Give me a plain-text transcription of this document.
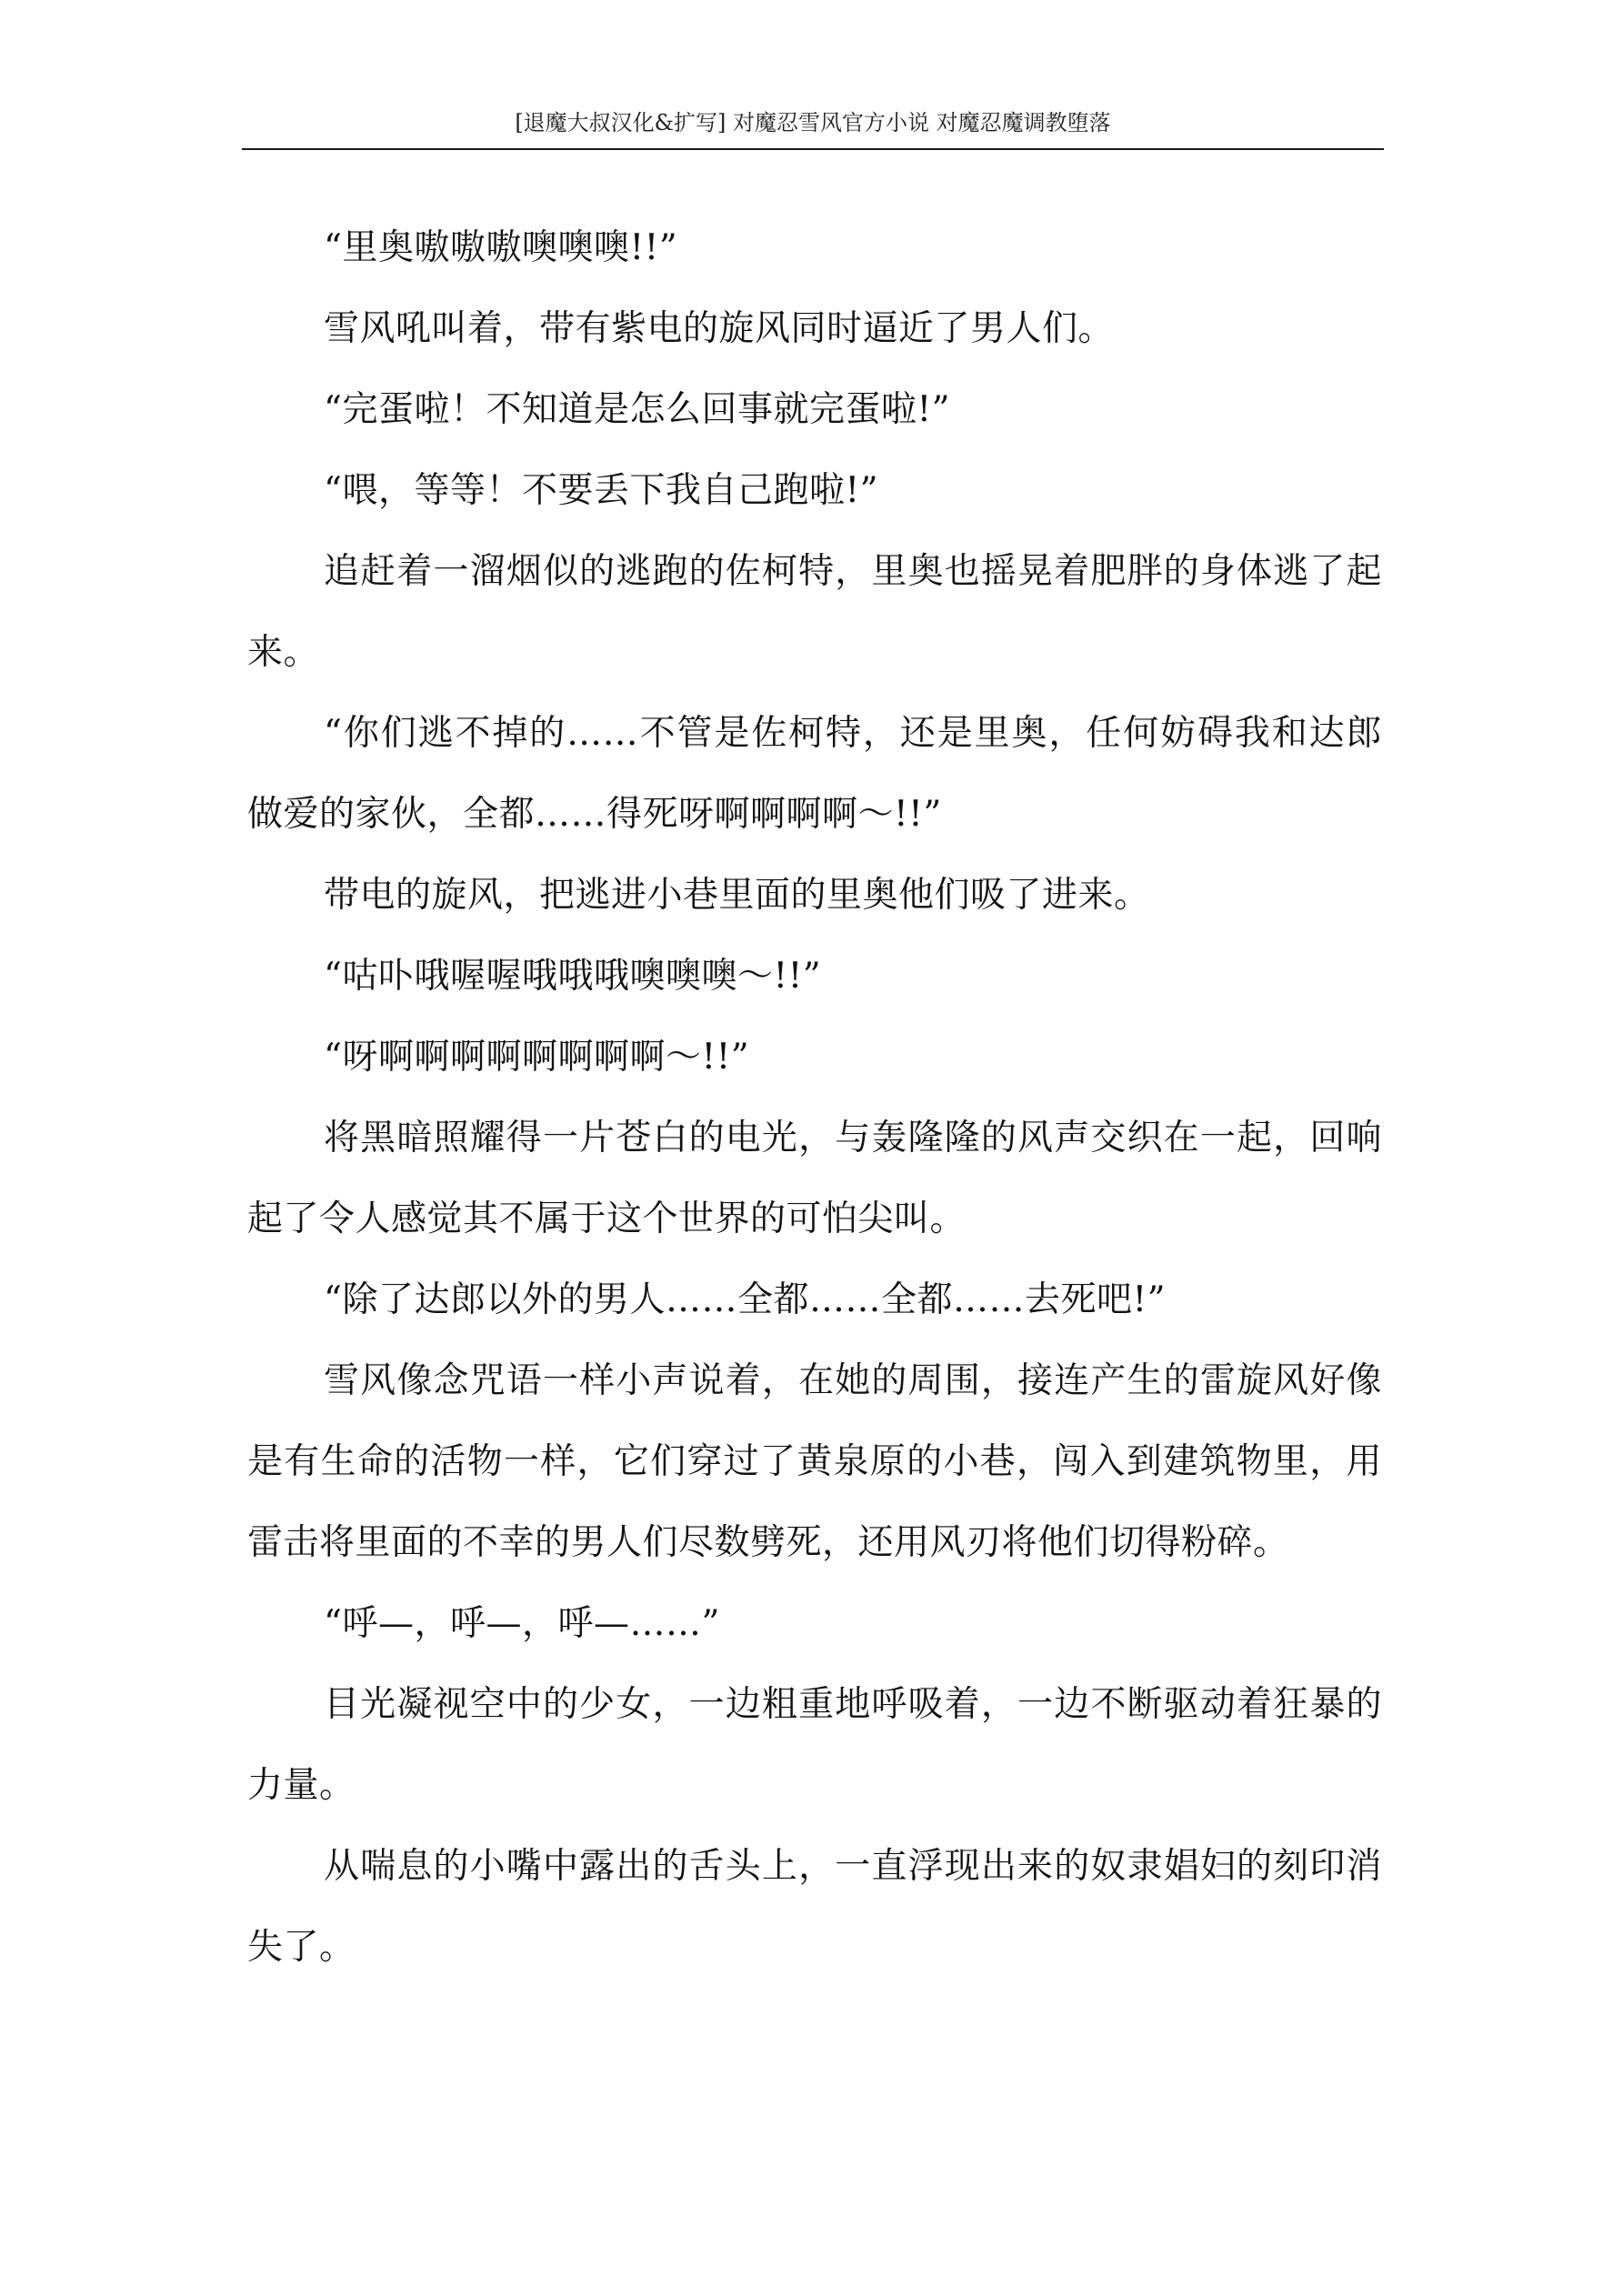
[退魔大叔汉化&扩写] 对魔忍雪风官方小说 对魔忍魔调教堕落

“里奥嗷嗷嗷噢噢噢!!”

雪风吼叫着，带有紫电的旋风同时逼近了男人们。

“完蛋啦！不知道是怎么回事就完蛋啦!”

“喂，等等！不要丢下我自己跑啦!”

追赶着一溜烟似的逃跑的佐柯特，里奥也摇晃着肥胖的身体逃了起来。

“你们逃不掉的……不管是佐柯特，还是里奥，任何妨碍我和达郎做爱的家伙，全都……得死呀啊啊啊啊～!!”

带电的旋风，把逃进小巷里面的里奥他们吸了进来。

“咕卟哦喔喔哦哦哦噢噢噢～!!”

“呀啊啊啊啊啊啊啊啊～!!”

将黑暗照耀得一片苍白的电光，与轰隆隆的风声交织在一起，回响起了令人感觉其不属于这个世界的可怕尖叫。

“除了达郎以外的男人……全都……全都……去死吧!”

雪风像念咒语一样小声说着，在她的周围，接连产生的雷旋风好像是有生命的活物一样，它们穿过了黄泉原的小巷，闯入到建筑物里，用雷击将里面的不幸的男人们尽数劈死，还用风刃将他们切得粉碎。

“呼—，呼—，呼—……”

目光凝视空中的少女，一边粗重地呼吸着，一边不断驱动着狂暴的力量。

从喘息的小嘴中露出的舌头上，一直浮现出来的奴隶娼妇的刻印消失了。
